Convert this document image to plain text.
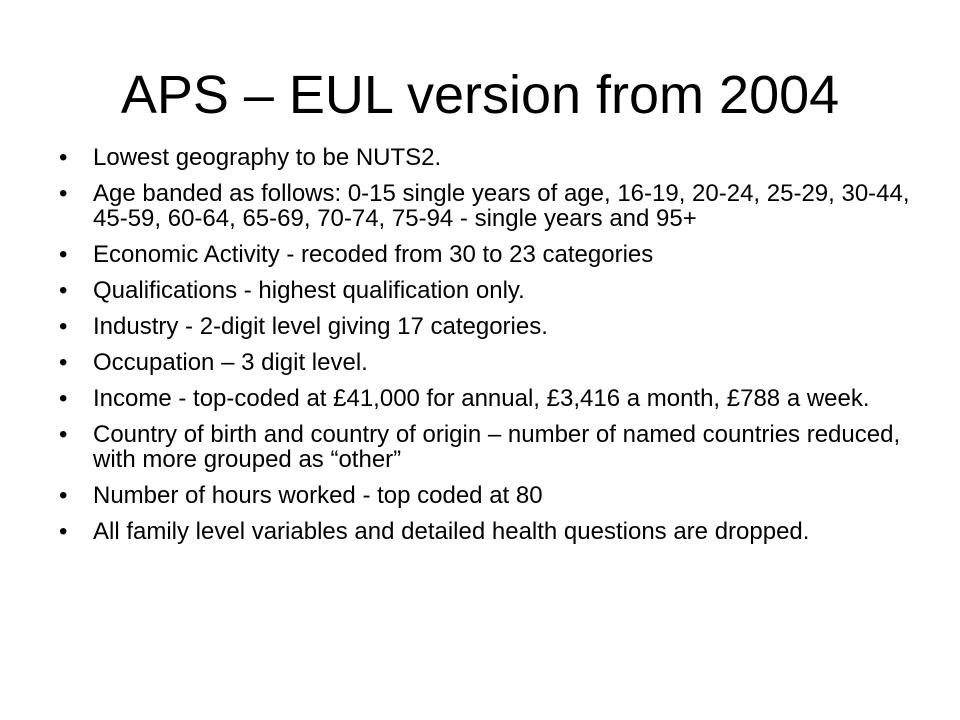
APS – EUL version from 2004
• Lowest geography to be NUTS2.
• Age banded as follows: 0-15 single years of age, 16-19, 20-24, 25-29, 30-44, 45-59, 60-64, 65-69, 70-74, 75-94 - single years and 95+
• Economic Activity - recoded from 30 to 23 categories
• Qualifications - highest qualification only.
• Industry - 2-digit level giving 17 categories.
• Occupation – 3 digit level.
• Income - top-coded at £41,000 for annual, £3,416 a month, £788 a week.
• Country of birth and country of origin – number of named countries reduced, with more grouped as “other”
• Number of hours worked - top coded at 80
• All family level variables and detailed health questions are dropped.
